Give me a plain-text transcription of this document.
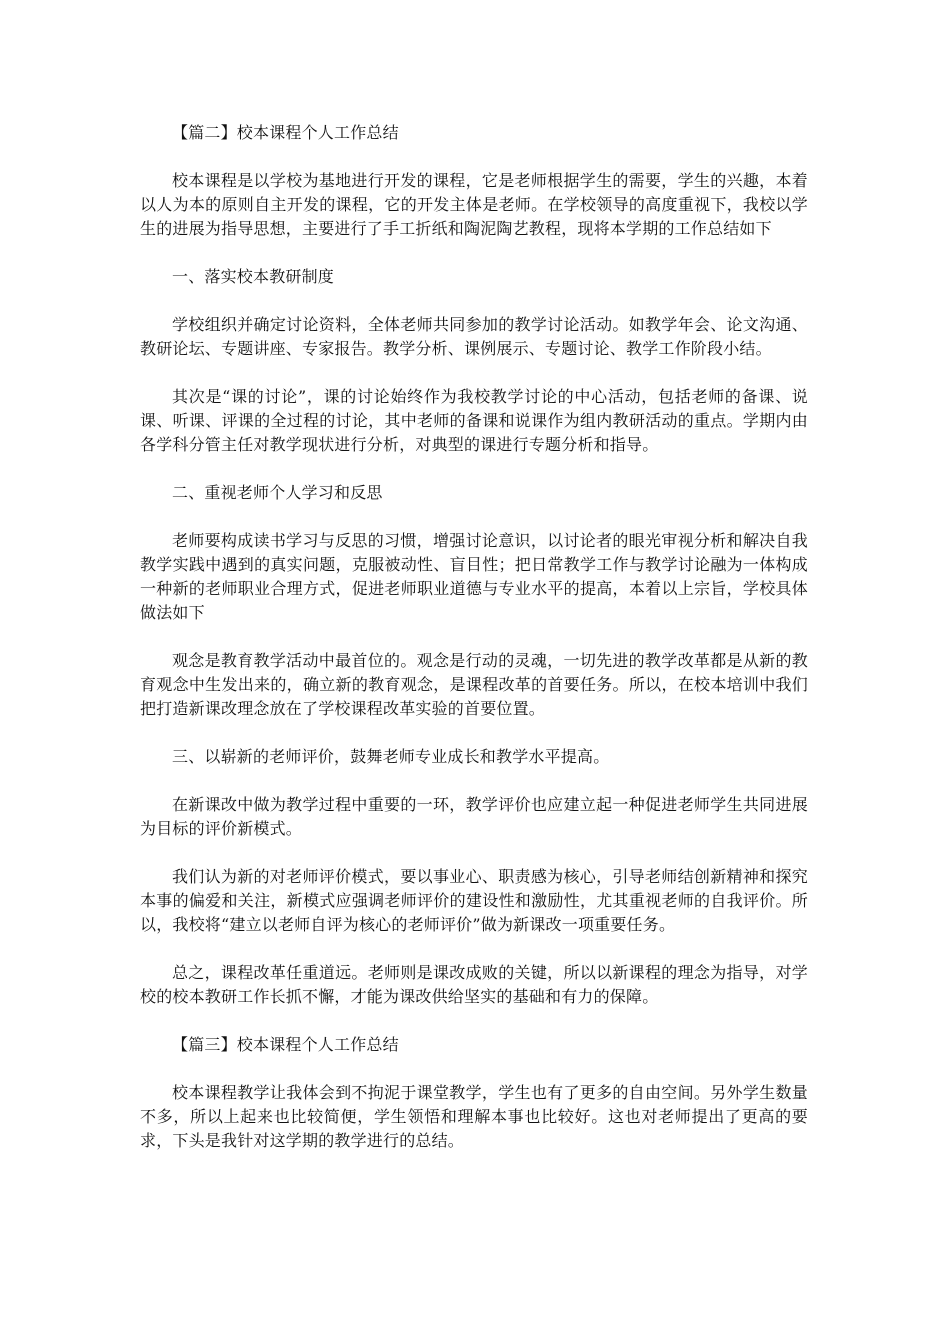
【篇二】校本课程个人工作总结
校本课程是以学校为基地进行开发的课程，它是老师根据学生的需要，学生的兴趣，本着以人为本的原则自主开发的课程，它的开发主体是老师。在学校领导的高度重视下，我校以学生的进展为指导思想，主要进行了手工折纸和陶泥陶艺教程，现将本学期的工作总结如下
一、落实校本教研制度
学校组织并确定讨论资料，全体老师共同参加的教学讨论活动。如教学年会、论文沟通、教研论坛、专题讲座、专家报告。教学分析、课例展示、专题讨论、教学工作阶段小结。
其次是“课的讨论”，课的讨论始终作为我校教学讨论的中心活动，包括老师的备课、说课、听课、评课的全过程的讨论，其中老师的备课和说课作为组内教研活动的重点。学期内由各学科分管主任对教学现状进行分析，对典型的课进行专题分析和指导。
二、重视老师个人学习和反思
老师要构成读书学习与反思的习惯，增强讨论意识，以讨论者的眼光审视分析和解决自我教学实践中遇到的真实问题，克服被动性、盲目性；把日常教学工作与教学讨论融为一体构成一种新的老师职业合理方式，促进老师职业道德与专业水平的提高，本着以上宗旨，学校具体做法如下
观念是教育教学活动中最首位的。观念是行动的灵魂，一切先进的教学改革都是从新的教育观念中生发出来的，确立新的教育观念，是课程改革的首要任务。所以，在校本培训中我们把打造新课改理念放在了学校课程改革实验的首要位置。
三、以崭新的老师评价，鼓舞老师专业成长和教学水平提高。
在新课改中做为教学过程中重要的一环，教学评价也应建立起一种促进老师学生共同进展为目标的评价新模式。
我们认为新的对老师评价模式，要以事业心、职责感为核心，引导老师结创新精神和探究本事的偏爱和关注，新模式应强调老师评价的建设性和激励性，尤其重视老师的自我评价。所以，我校将“建立以老师自评为核心的老师评价”做为新课改一项重要任务。
总之，课程改革任重道远。老师则是课改成败的关键，所以以新课程的理念为指导，对学校的校本教研工作长抓不懈，才能为课改供给坚实的基础和有力的保障。
【篇三】校本课程个人工作总结
校本课程教学让我体会到不拘泥于课堂教学，学生也有了更多的自由空间。另外学生数量不多，所以上起来也比较简便，学生领悟和理解本事也比较好。这也对老师提出了更高的要求，下头是我针对这学期的教学进行的总结。
